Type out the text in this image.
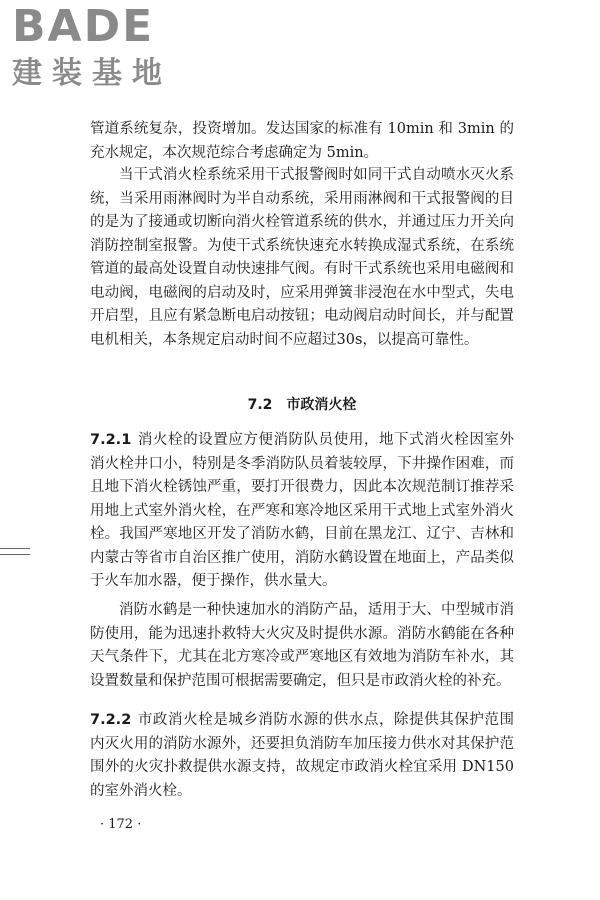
BADE
建装基地
管道系统复杂，投资增加。发达国家的标准有 10min 和 3min 的充水规定，本次规范综合考虑确定为 5min。
当干式消火栓系统采用干式报警阀时如同干式自动喷水灭火系统，当采用雨淋阀时为半自动系统，采用雨淋阀和干式报警阀的目的是为了接通或切断向消火栓管道系统的供水，并通过压力开关向消防控制室报警。为使干式系统快速充水转换成湿式系统，在系统管道的最高处设置自动快速排气阀。有时干式系统也采用电磁阀和电动阀，电磁阀的启动及时，应采用弹簧非浸泡在水中型式，失电开启型，且应有紧急断电启动按钮；电动阀启动时间长，并与配置电机相关，本条规定启动时间不应超过30s，以提高可靠性。
7.2 市政消火栓
7.2.1 消火栓的设置应方便消防队员使用，地下式消火栓因室外消火栓井口小，特别是冬季消防队员着装较厚，下井操作困难，而且地下消火栓锈蚀严重，要打开很费力，因此本次规范制订推荐采用地上式室外消火栓，在严寒和寒冷地区采用干式地上式室外消火栓。我国严寒地区开发了消防水鹤，目前在黑龙江、辽宁、吉林和内蒙古等省市自治区推广使用，消防水鹤设置在地面上，产品类似于火车加水器，便于操作，供水量大。
消防水鹤是一种快速加水的消防产品，适用于大、中型城市消防使用，能为迅速扑救特大火灾及时提供水源。消防水鹤能在各种天气条件下，尤其在北方寒冷或严寒地区有效地为消防车补水，其设置数量和保护范围可根据需要确定，但只是市政消火栓的补充。
7.2.2 市政消火栓是城乡消防水源的供水点，除提供其保护范围内灭火用的消防水源外，还要担负消防车加压接力供水对其保护范围外的火灾扑救提供水源支持，故规定市政消火栓宜采用 DN150 的室外消火栓。
· 172 ·
